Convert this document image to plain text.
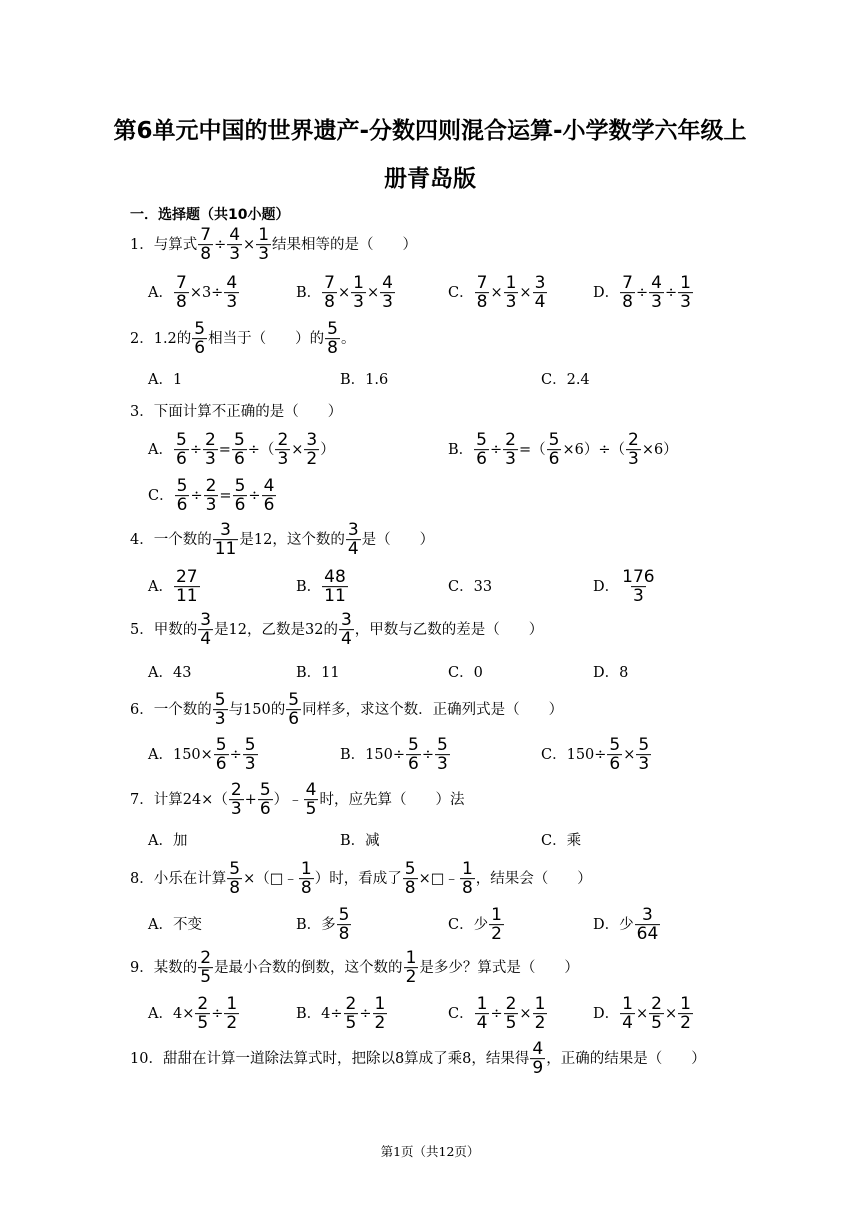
第6单元中国的世界遗产-分数四则混合运算-小学数学六年级上
册青岛版
一．选择题（共10小题）
1．与算式 $\frac{7}{8} \div \frac{4}{3} \times \frac{1}{3}$ 结果相等的是（　　）
A． $\frac{7}{8} \times 3\div \frac{4}{3}$	B． $\frac{7}{8} \times \frac{1}{3} \times \frac{4}{3}$	C． $\frac{7}{8} \times \frac{1}{3} \times \frac{3}{4}$	D． $\frac{7}{8} \div \frac{4}{3} \div \frac{1}{3}$
2．1.2的 $\frac{5}{6}$ 相当于（　　）的 $\frac{5}{8}$ 。
A．1	B．1.6	C．2.4
3．下面计算不正确的是（　　）
A． $\frac{5}{6} \div \frac{2}{3} = \frac{5}{6}$ ÷（ $\frac{2}{3} \times \frac{3}{2}$ ）	B． $\frac{5}{6} \div \frac{2}{3}$ =（ $\frac{5}{6} \times 6)\div( \frac{2}{3} \times 6)$
C． $\frac{5}{6} \div \frac{2}{3} = \frac{5}{6} \div \frac{4}{6}$
4．一个数的 $\frac{3}{11}$ 是12，这个数的 $\frac{3}{4}$ 是（　　）
A． $\frac{27}{11}$	B． $\frac{48}{11}$	C．33	D． $\frac{176}{3}$
5．甲数的 $\frac{3}{4}$ 是12，乙数是32的 $\frac{3}{4}$ ，甲数与乙数的差是（　　）
A．43	B．11	C．0	D．8
6．一个数的 $\frac{5}{3}$ 与150的 $\frac{5}{6}$ 同样多，求这个数．正确列式是（　　）
A．$150\times \frac{5}{6} \div \frac{5}{3}$	B．$150\div \frac{5}{6} \div \frac{5}{3}$	C．$150\div \frac{5}{6} \times \frac{5}{3}$
7．计算$24\times( \frac{2}{3} + \frac{5}{6}$ ）﹣ $\frac{4}{5}$ 时，应先算（　　）法
A．加	B．减	C．乘
8．小乐在计算 $\frac{5}{8}$ ×（□﹣ $\frac{1}{8}$ ）时，看成了 $\frac{5}{8}$ ×□﹣ $\frac{1}{8}$ ，结果会（　　）
A．不变	B．多 $\frac{5}{8}$	C．少 $\frac{1}{2}$	D．少 $\frac{3}{64}$
9．某数的 $\frac{2}{5}$ 是最小合数的倒数，这个数的 $\frac{1}{2}$ 是多少？算式是（　　）
A．$4\times \frac{2}{5} \div \frac{1}{2}$	B．$4\div \frac{2}{5} \div \frac{1}{2}$	C． $\frac{1}{4} \div \frac{2}{5} \times \frac{1}{2}$	D． $\frac{1}{4} \times \frac{2}{5} \times \frac{1}{2}$
10．甜甜在计算一道除法算式时，把除以8算成了乘8，结果得 $\frac{4}{9}$ ，正确的结果是（　　）
第1页（共12页）
